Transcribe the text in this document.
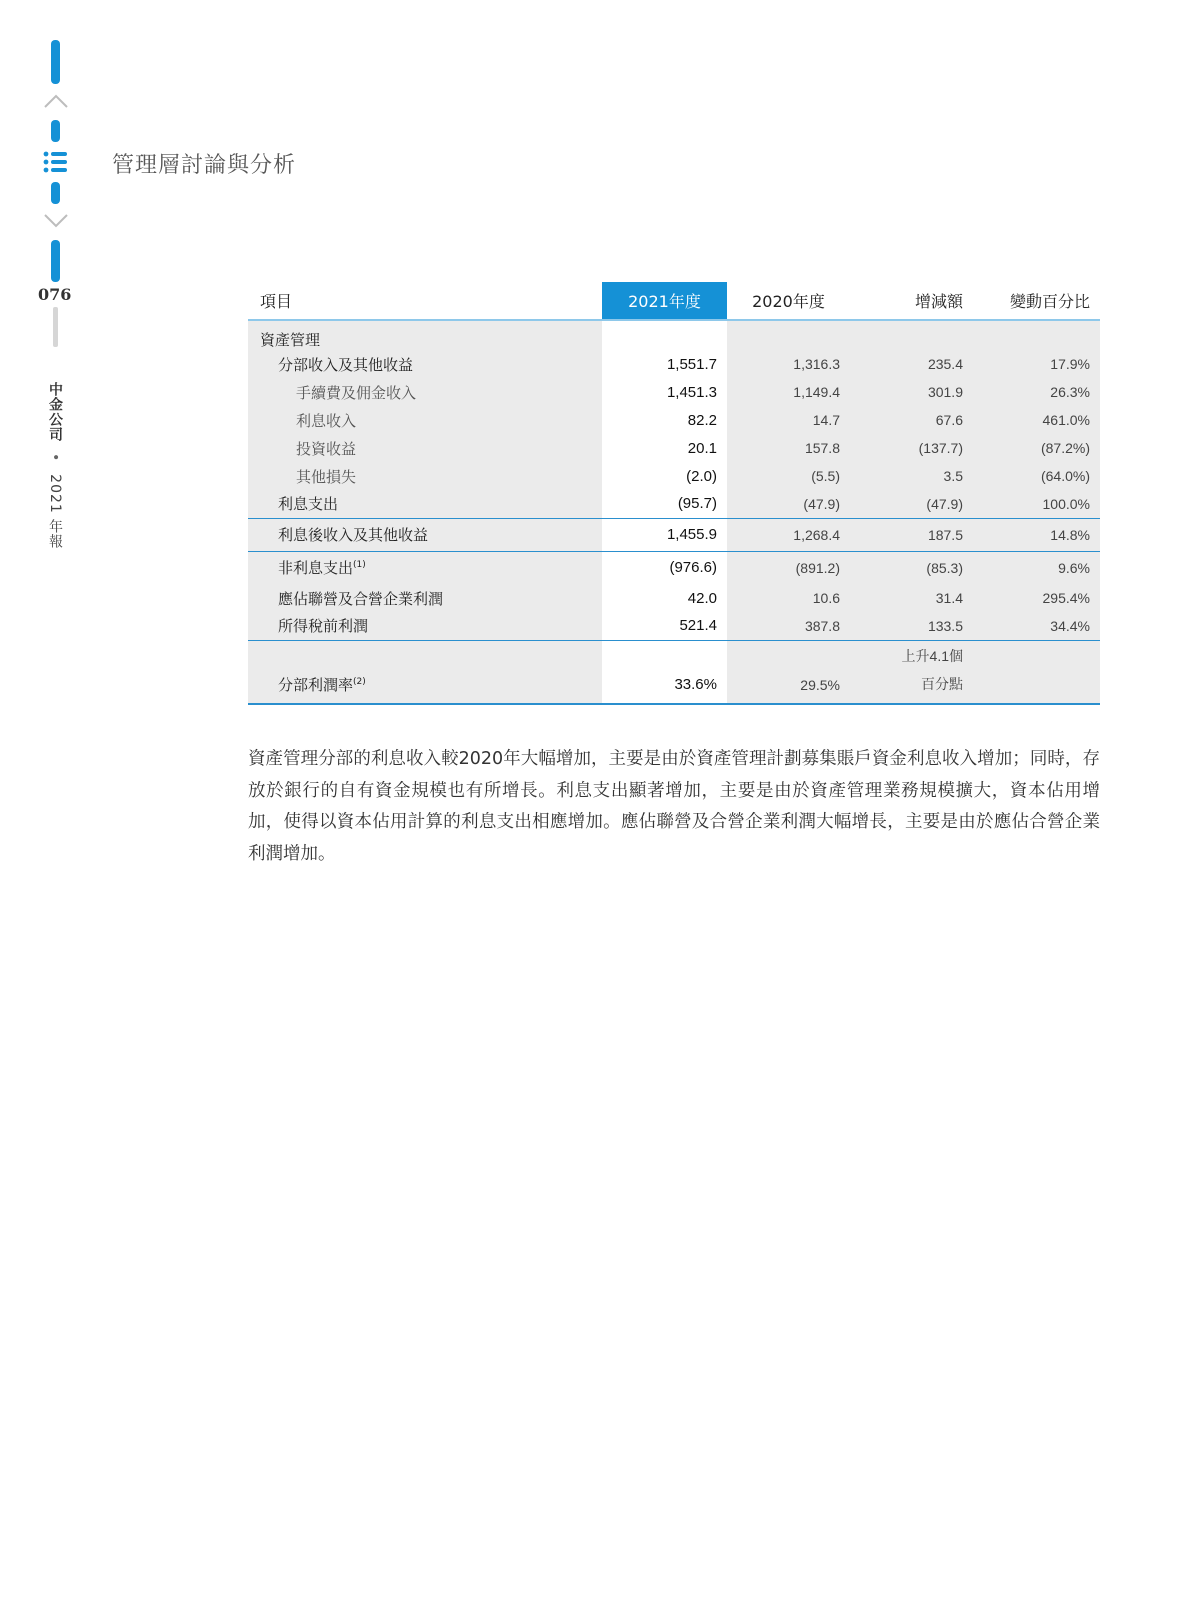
076
中金公司 • 2021 年報
管理層討論與分析
項目	2021年度	2020年度	增減額	變動百分比
資產管理				
分部收入及其他收益	1,551.7	1,316.3	235.4	17.9%
手續費及佣金收入	1,451.3	1,149.4	301.9	26.3%
利息收入	82.2	14.7	67.6	461.0%
投資收益	20.1	157.8	(137.7)	(87.2%)
其他損失	(2.0)	(5.5)	3.5	(64.0%)
利息支出	(95.7)	(47.9)	(47.9)	100.0%
利息後收入及其他收益	1,455.9	1,268.4	187.5	14.8%
非利息支出$^{(1)}$	(976.6)	(891.2)	(85.3)	9.6%
應佔聯營及合營企業利潤	42.0	10.6	31.4	295.4%
所得稅前利潤	521.4	387.8	133.5	34.4%
分部利潤率$^{(2)}$	33.6%	29.5%	上升4.1個
百分點	

資產管理分部的利息收入較2020年大幅增加，主要是由於資產管理計劃募集賬戶資金利息收入增加；同時，存放於銀行的自有資金規模也有所增長。利息支出顯著增加，主要是由於資產管理業務規模擴大，資本佔用增加，使得以資本佔用計算的利息支出相應增加。應佔聯營及合營企業利潤大幅增長，主要是由於應佔合營企業利潤增加。
